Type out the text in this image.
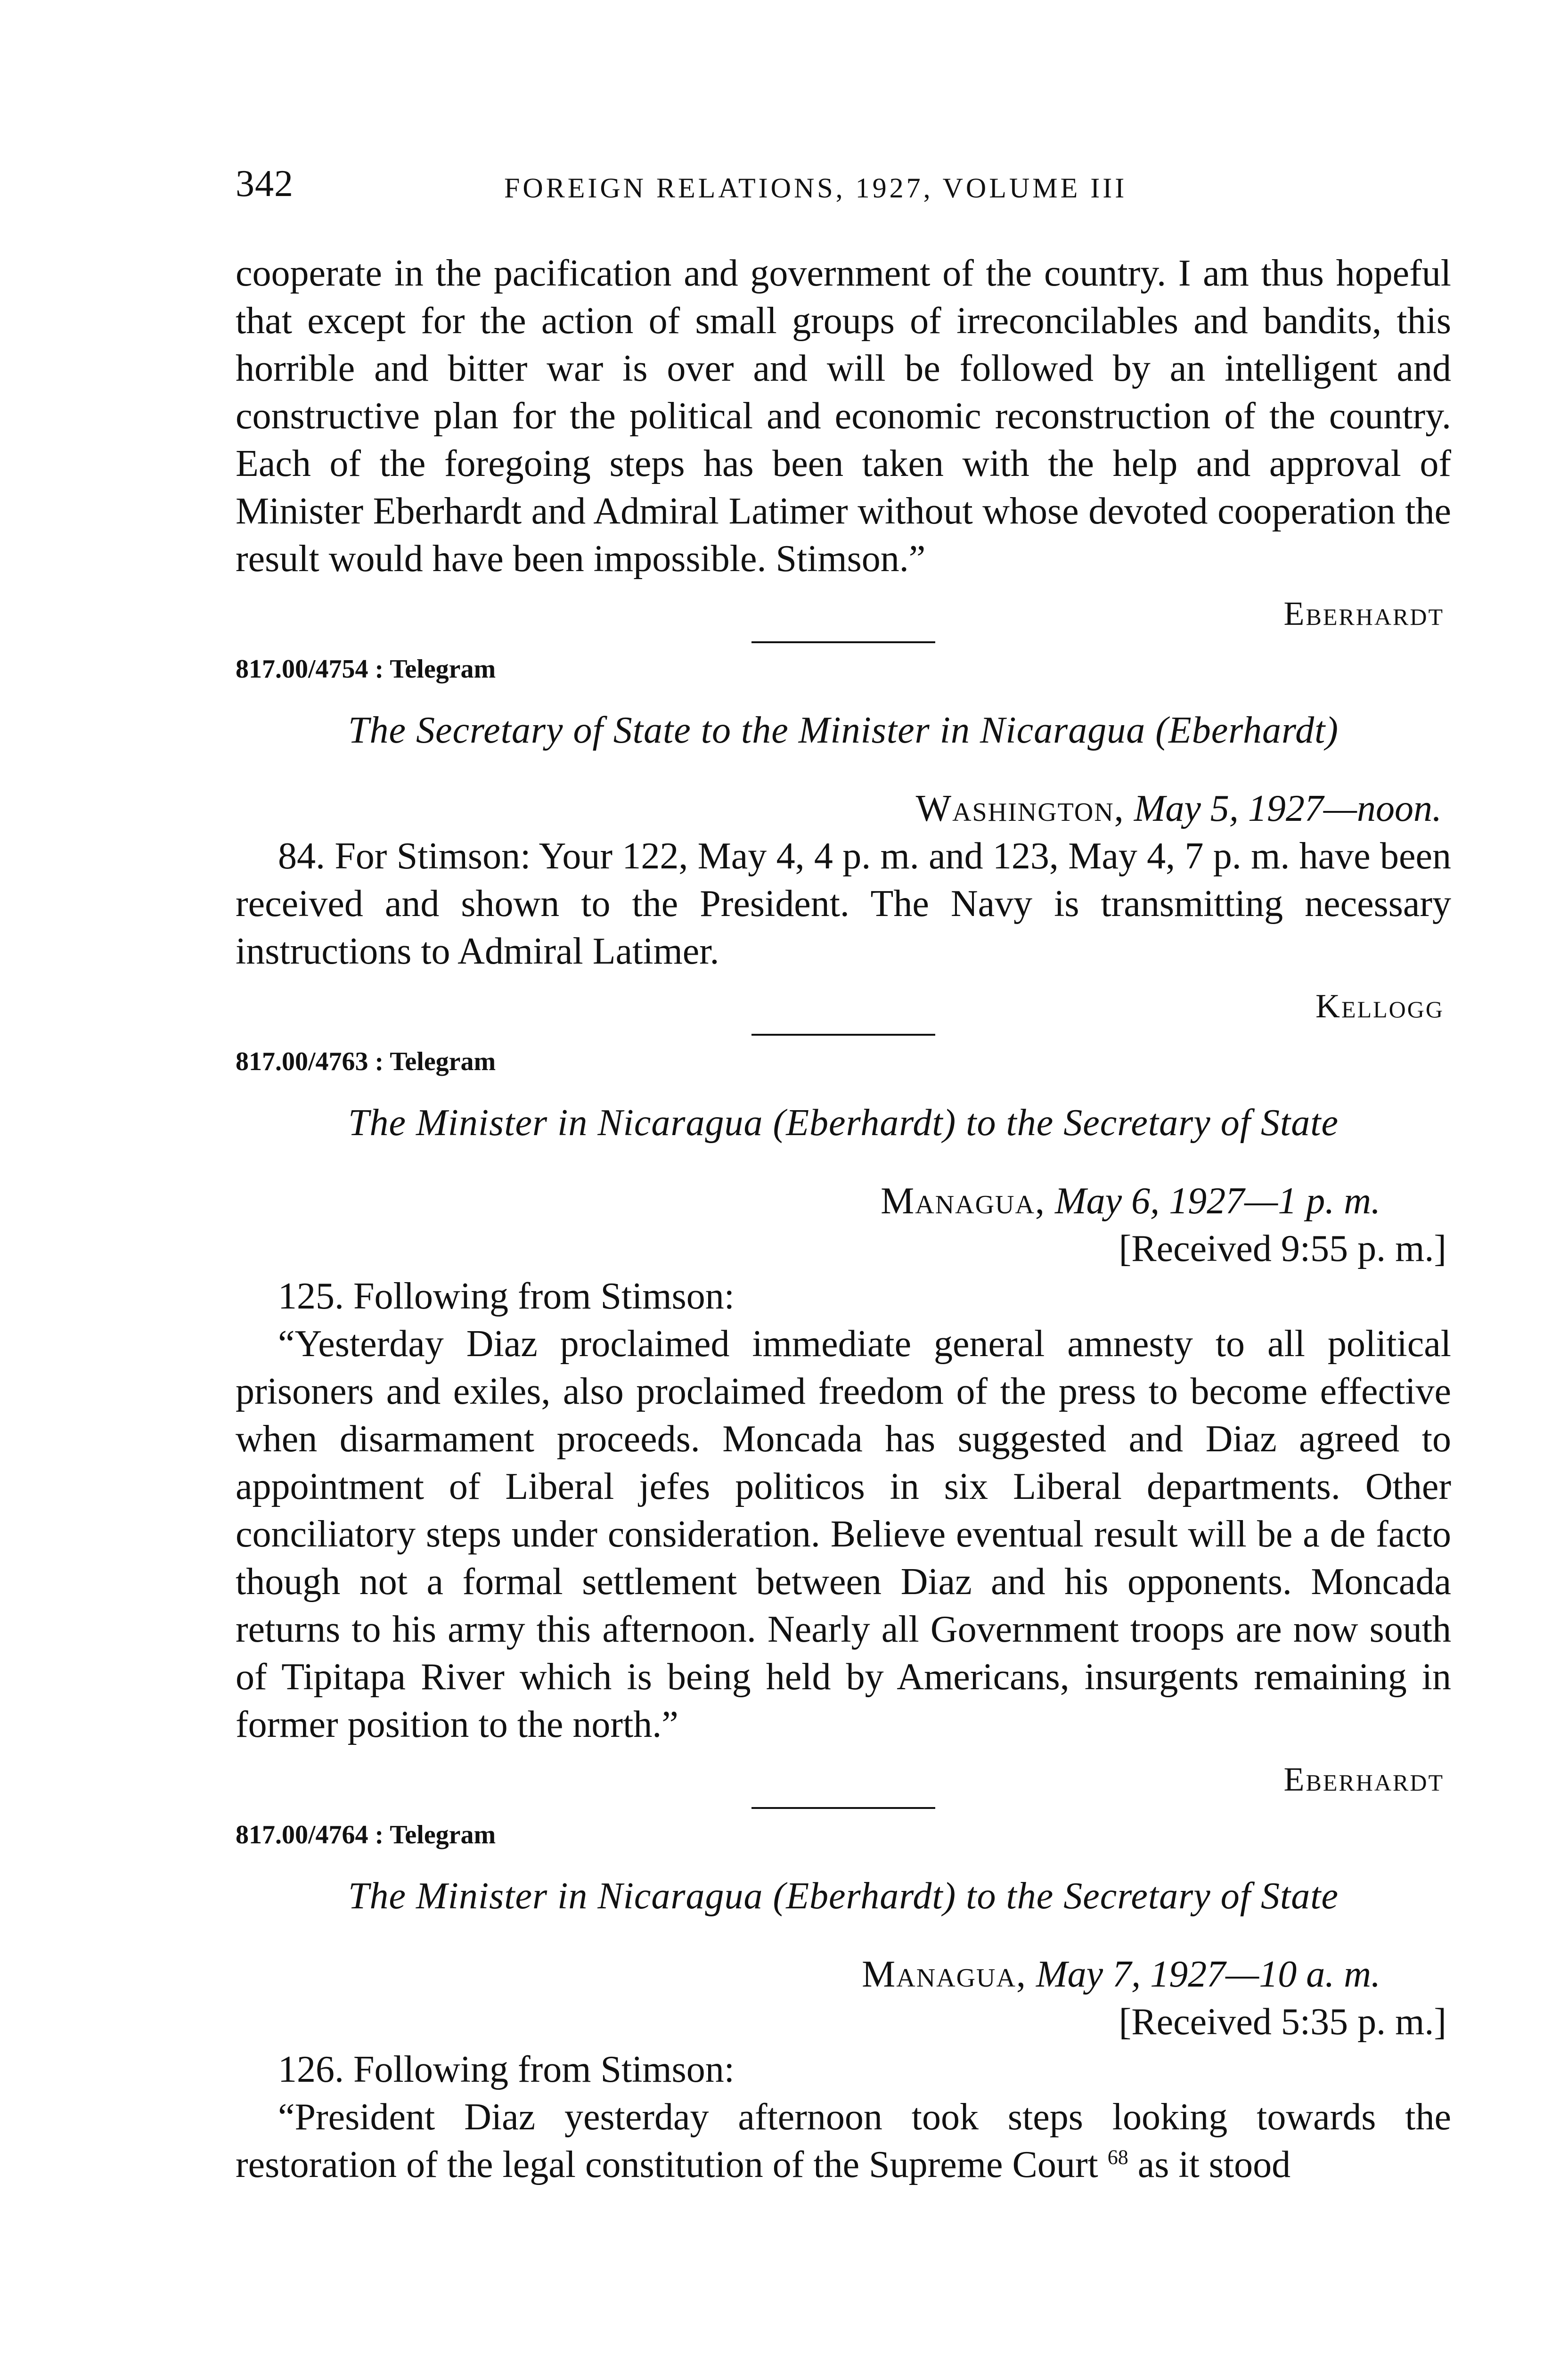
342	FOREIGN RELATIONS, 1927, VOLUME III

cooperate in the pacification and government of the country. I am thus hopeful that except for the action of small groups of irreconcilables and bandits, this horrible and bitter war is over and will be followed by an intelligent and constructive plan for the political and economic reconstruction of the country. Each of the foregoing steps has been taken with the help and approval of Minister Eberhardt and Admiral Latimer without whose devoted cooperation the result would have been impossible. Stimson.”

Eberhardt
817.00/4754 : Telegram
The Secretary of State to the Minister in Nicaragua (Eberhardt)
Washington, May 5, 1927—noon.

84. For Stimson: Your 122, May 4, 4 p. m. and 123, May 4, 7 p. m. have been received and shown to the President. The Navy is transmitting necessary instructions to Admiral Latimer.

Kellogg
817.00/4763 : Telegram
The Minister in Nicaragua (Eberhardt) to the Secretary of State
Managua, May 6, 1927—1 p. m.
[Received 9:55 p. m.]

125. Following from Stimson:

“Yesterday Diaz proclaimed immediate general amnesty to all political prisoners and exiles, also proclaimed freedom of the press to become effective when disarmament proceeds. Moncada has suggested and Diaz agreed to appointment of Liberal jefes politicos in six Liberal departments. Other conciliatory steps under consideration. Believe eventual result will be a de facto though not a formal settlement between Diaz and his opponents. Moncada returns to his army this afternoon. Nearly all Government troops are now south of Tipitapa River which is being held by Americans, insurgents remaining in former position to the north.”

Eberhardt
817.00/4764 : Telegram
The Minister in Nicaragua (Eberhardt) to the Secretary of State
Managua, May 7, 1927—10 a. m.
[Received 5:35 p. m.]

126. Following from Stimson:

“President Diaz yesterday afternoon took steps looking towards the restoration of the legal constitution of the Supreme Court $^{68}$ as it stood
